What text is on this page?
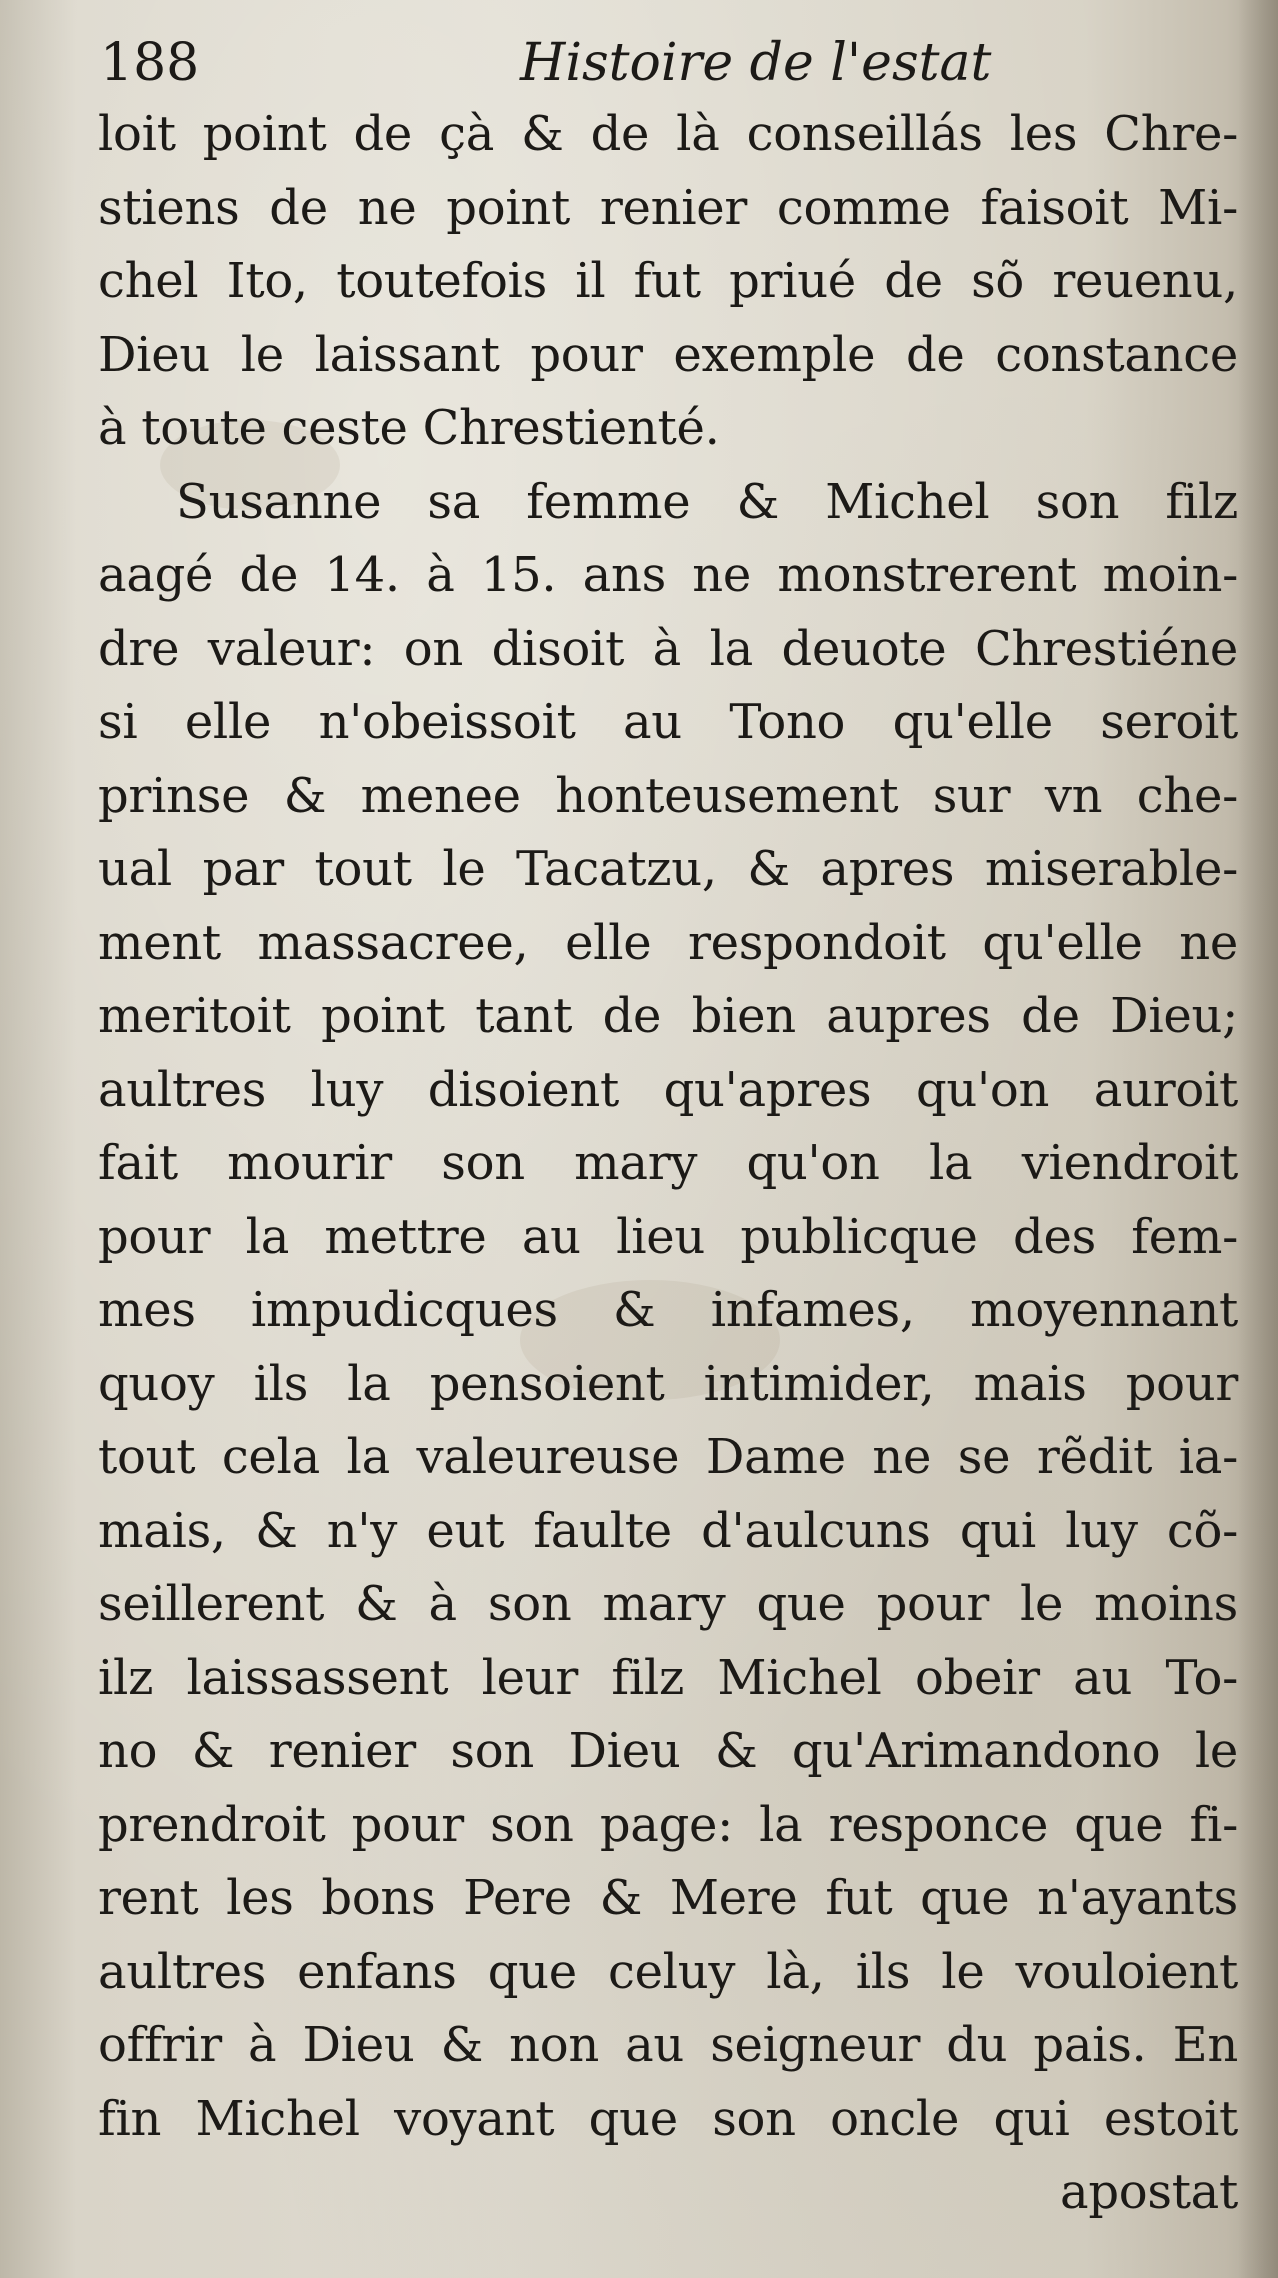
188	Histoire de l'estat
loit point de çà & de là conseillás les Chre-
stiens de ne point renier comme faisoit Mi-
chel Ito, toutefois il fut priué de sõ reuenu,
Dieu le laissant pour exemple de constance
à toute ceste Chrestienté.
Susanne sa femme & Michel son filz
aagé de 14. à 15. ans ne monstrerent moin-
dre valeur: on disoit à la deuote Chrestiéne
si elle n'obeissoit au Tono qu'elle seroit
prinse & menee honteusement sur vn che-
ual par tout le Tacatzu, & apres miserable-
ment massacree, elle respondoit qu'elle ne
meritoit point tant de bien aupres de Dieu;
aultres luy disoient qu'apres qu'on auroit
fait mourir son mary qu'on la viendroit
pour la mettre au lieu publicque des fem-
mes impudicques & infames, moyennant
quoy ils la pensoient intimider, mais pour
tout cela la valeureuse Dame ne se rẽdit ia-
mais, & n'y eut faulte d'aulcuns qui luy cõ-
seillerent & à son mary que pour le moins
ilz laissassent leur filz Michel obeir au To-
no & renier son Dieu & qu'Arimandono le
prendroit pour son page: la responce que fi-
rent les bons Pere & Mere fut que n'ayants
aultres enfans que celuy là, ils le vouloient
offrir à Dieu & non au seigneur du pais. En
fin Michel voyant que son oncle qui estoit
apostat
